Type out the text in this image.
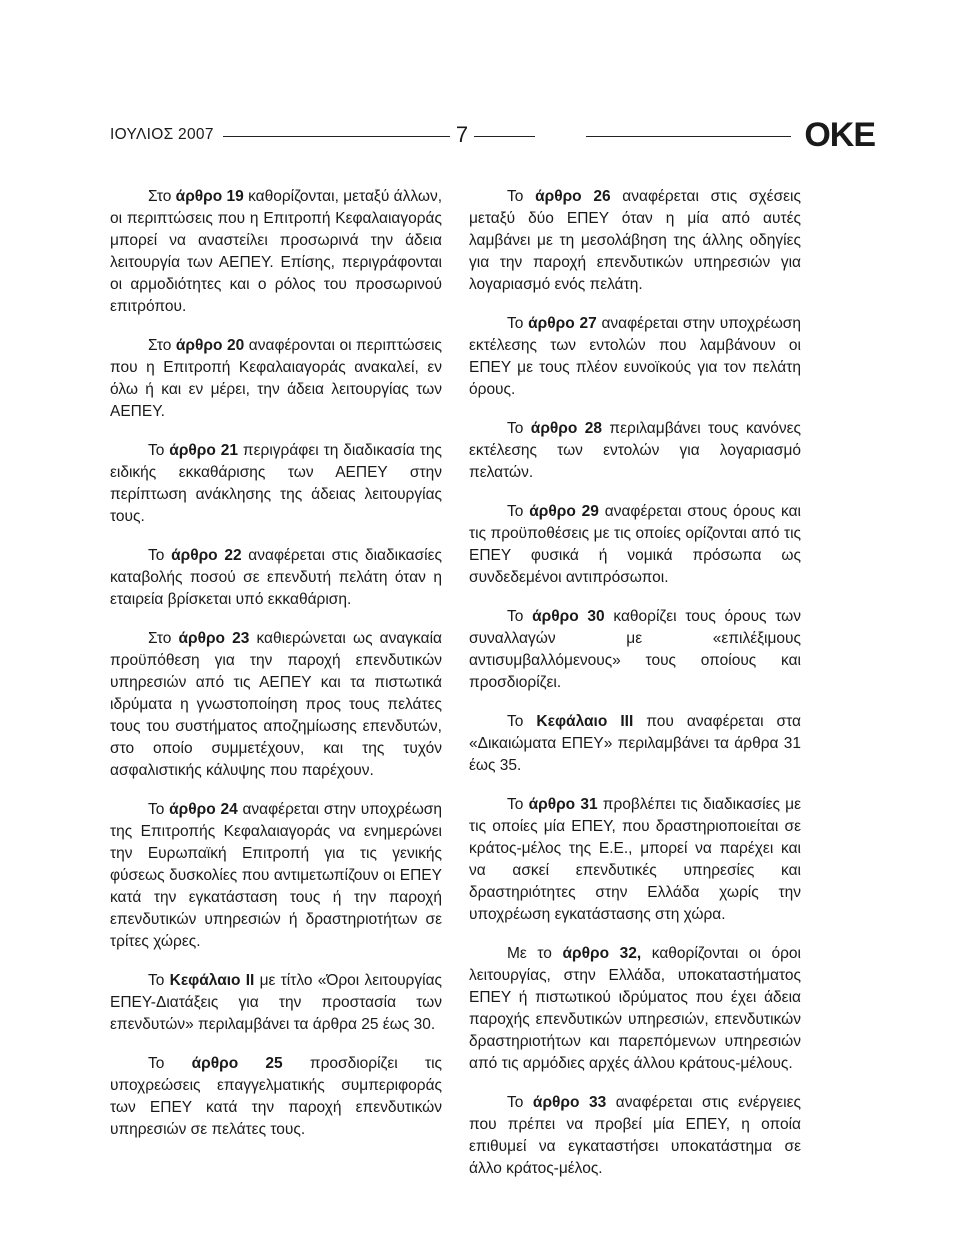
ΙΟΥΛΙΟΣ 2007	7	ΟΚΕ

Στο άρθρο 19 καθορίζονται, μεταξύ άλλων, οι περιπτώσεις που η Επιτροπή Κεφαλαιαγοράς μπορεί να αναστείλει προσωρινά την άδεια λειτουργία των ΑΕΠΕΥ. Επίσης, περιγράφονται οι αρμοδιότητες και ο ρόλος του προσωρινού επιτρόπου.

Στο άρθρο 20 αναφέρονται οι περιπτώσεις που η Επιτροπή Κεφαλαιαγοράς ανακαλεί, εν όλω ή και εν μέρει, την άδεια λειτουργίας των ΑΕΠΕΥ.

Το άρθρο 21 περιγράφει τη διαδικασία της ειδικής εκκαθάρισης των ΑΕΠΕΥ στην περίπτωση ανάκλησης της άδειας λειτουργίας τους.

Το άρθρο 22 αναφέρεται στις διαδικασίες καταβολής ποσού σε επενδυτή πελάτη όταν η εταιρεία βρίσκεται υπό εκκαθάριση.

Στο άρθρο 23 καθιερώνεται ως αναγκαία προϋπόθεση για την παροχή επενδυτικών υπηρεσιών από τις ΑΕΠΕΥ και τα πιστωτικά ιδρύματα η γνωστοποίηση προς τους πελάτες τους του συστήματος αποζημίωσης επενδυτών, στο οποίο συμμετέχουν, και της τυχόν ασφαλιστικής κάλυψης που παρέχουν.

Το άρθρο 24 αναφέρεται στην υποχρέωση της Επιτροπής Κεφαλαιαγοράς να ενημερώνει την Ευρωπαϊκή Επιτροπή για τις γενικής φύσεως δυσκολίες που αντιμετωπίζουν οι ΕΠΕΥ κατά την εγκατάσταση τους ή την παροχή επενδυτικών υπηρεσιών ή δραστηριοτήτων σε τρίτες χώρες.

Το Κεφάλαιο ΙΙ με τίτλο «Όροι λειτουργίας ΕΠΕΥ-Διατάξεις για την προστασία των επενδυτών» περιλαμβάνει τα άρθρα 25 έως 30.

Το άρθρο 25 προσδιορίζει τις υποχρεώσεις επαγγελματικής συμπεριφοράς των ΕΠΕΥ κατά την παροχή επενδυτικών υπηρεσιών σε πελάτες τους.

Το άρθρο 26 αναφέρεται στις σχέσεις μεταξύ δύο ΕΠΕΥ όταν η μία από αυτές λαμβάνει με τη μεσολάβηση της άλλης οδηγίες για την παροχή επενδυτικών υπηρεσιών για λογαριασμό ενός πελάτη.

Το άρθρο 27 αναφέρεται στην υποχρέωση εκτέλεσης των εντολών που λαμβάνουν οι ΕΠΕΥ με τους πλέον ευνοϊκούς για τον πελάτη όρους.

Το άρθρο 28 περιλαμβάνει τους κανόνες εκτέλεσης των εντολών για λογαριασμό πελατών.

Το άρθρο 29 αναφέρεται στους όρους και τις προϋποθέσεις με τις οποίες ορίζονται από τις ΕΠΕΥ φυσικά ή νομικά πρόσωπα ως συνδεδεμένοι αντιπρόσωποι.

Το άρθρο 30 καθορίζει τους όρους των συναλλαγών με «επιλέξιμους αντισυμβαλλόμενους» τους οποίους και προσδιορίζει.

Το Κεφάλαιο ΙΙΙ που αναφέρεται στα «Δικαιώματα ΕΠΕΥ» περιλαμβάνει τα άρθρα 31 έως 35.

Το άρθρο 31 προβλέπει τις διαδικασίες με τις οποίες μία ΕΠΕΥ, που δραστηριοποιείται σε κράτος-μέλος της Ε.Ε., μπορεί να παρέχει και να ασκεί επενδυτικές υπηρεσίες και δραστηριότητες στην Ελλάδα χωρίς την υποχρέωση εγκατάστασης στη χώρα.

Με το άρθρο 32, καθορίζονται οι όροι λειτουργίας, στην Ελλάδα, υποκαταστήματος ΕΠΕΥ ή πιστωτικού ιδρύματος που έχει άδεια παροχής επενδυτικών υπηρεσιών, επενδυτικών δραστηριοτήτων και παρεπόμενων υπηρεσιών από τις αρμόδιες αρχές άλλου κράτους-μέλους.

Το άρθρο 33 αναφέρεται στις ενέργειες που πρέπει να προβεί μία ΕΠΕΥ, η οποία επιθυμεί να εγκαταστήσει υποκατάστημα σε άλλο κράτος-μέλος.
